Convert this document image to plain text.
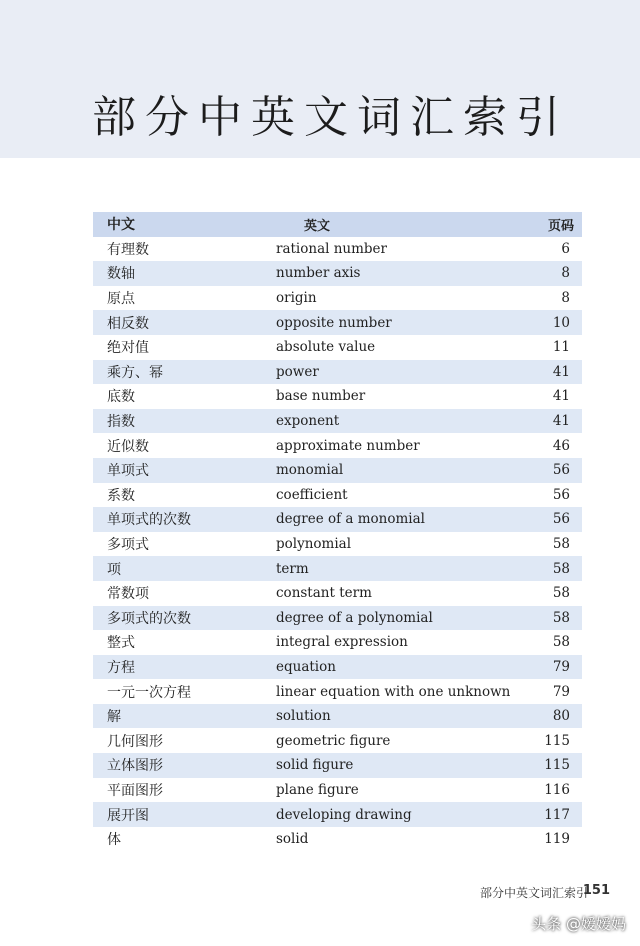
部分中英文词汇索引
中文	英文	页码
有理数	rational number	6
数轴	number axis	8
原点	origin	8
相反数	opposite number	10
绝对值	absolute value	11
乘方、幂	power	41
底数	base number	41
指数	exponent	41
近似数	approximate number	46
单项式	monomial	56
系数	coefficient	56
单项式的次数	degree of a monomial	56
多项式	polynomial	58
项	term	58
常数项	constant term	58
多项式的次数	degree of a polynomial	58
整式	integral expression	58
方程	equation	79
一元一次方程	linear equation with one unknown	79
解	solution	80
几何图形	geometric figure	115
立体图形	solid figure	115
平面图形	plane figure	116
展开图	developing drawing	117
体	solid	119
部分中英文词汇索引
151
头条 @嫒嫒妈
